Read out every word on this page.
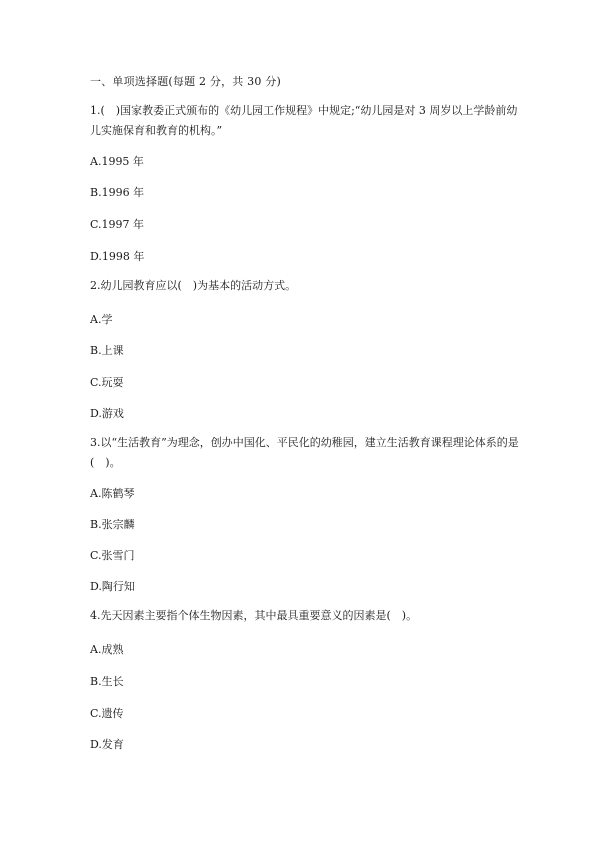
一、单项选择题(每题 2 分，共 30 分)
1.(　)国家教委正式颁布的《幼儿园工作规程》中规定;“幼儿园是对 3 周岁以上学龄前幼儿实施保育和教育的机构。”
A.1995 年
B.1996 年
C.1997 年
D.1998 年
2.幼儿园教育应以(　)为基本的活动方式。
A.学
B.上课
C.玩耍
D.游戏
3.以“生活教育”为理念，创办中国化、平民化的幼稚园，建立生活教育课程理论体系的是(　)。
A.陈鹤琴
B.张宗麟
C.张雪门
D.陶行知
4.先天因素主要指个体生物因素，其中最具重要意义的因素是(　)。
A.成熟
B.生长
C.遗传
D.发育
